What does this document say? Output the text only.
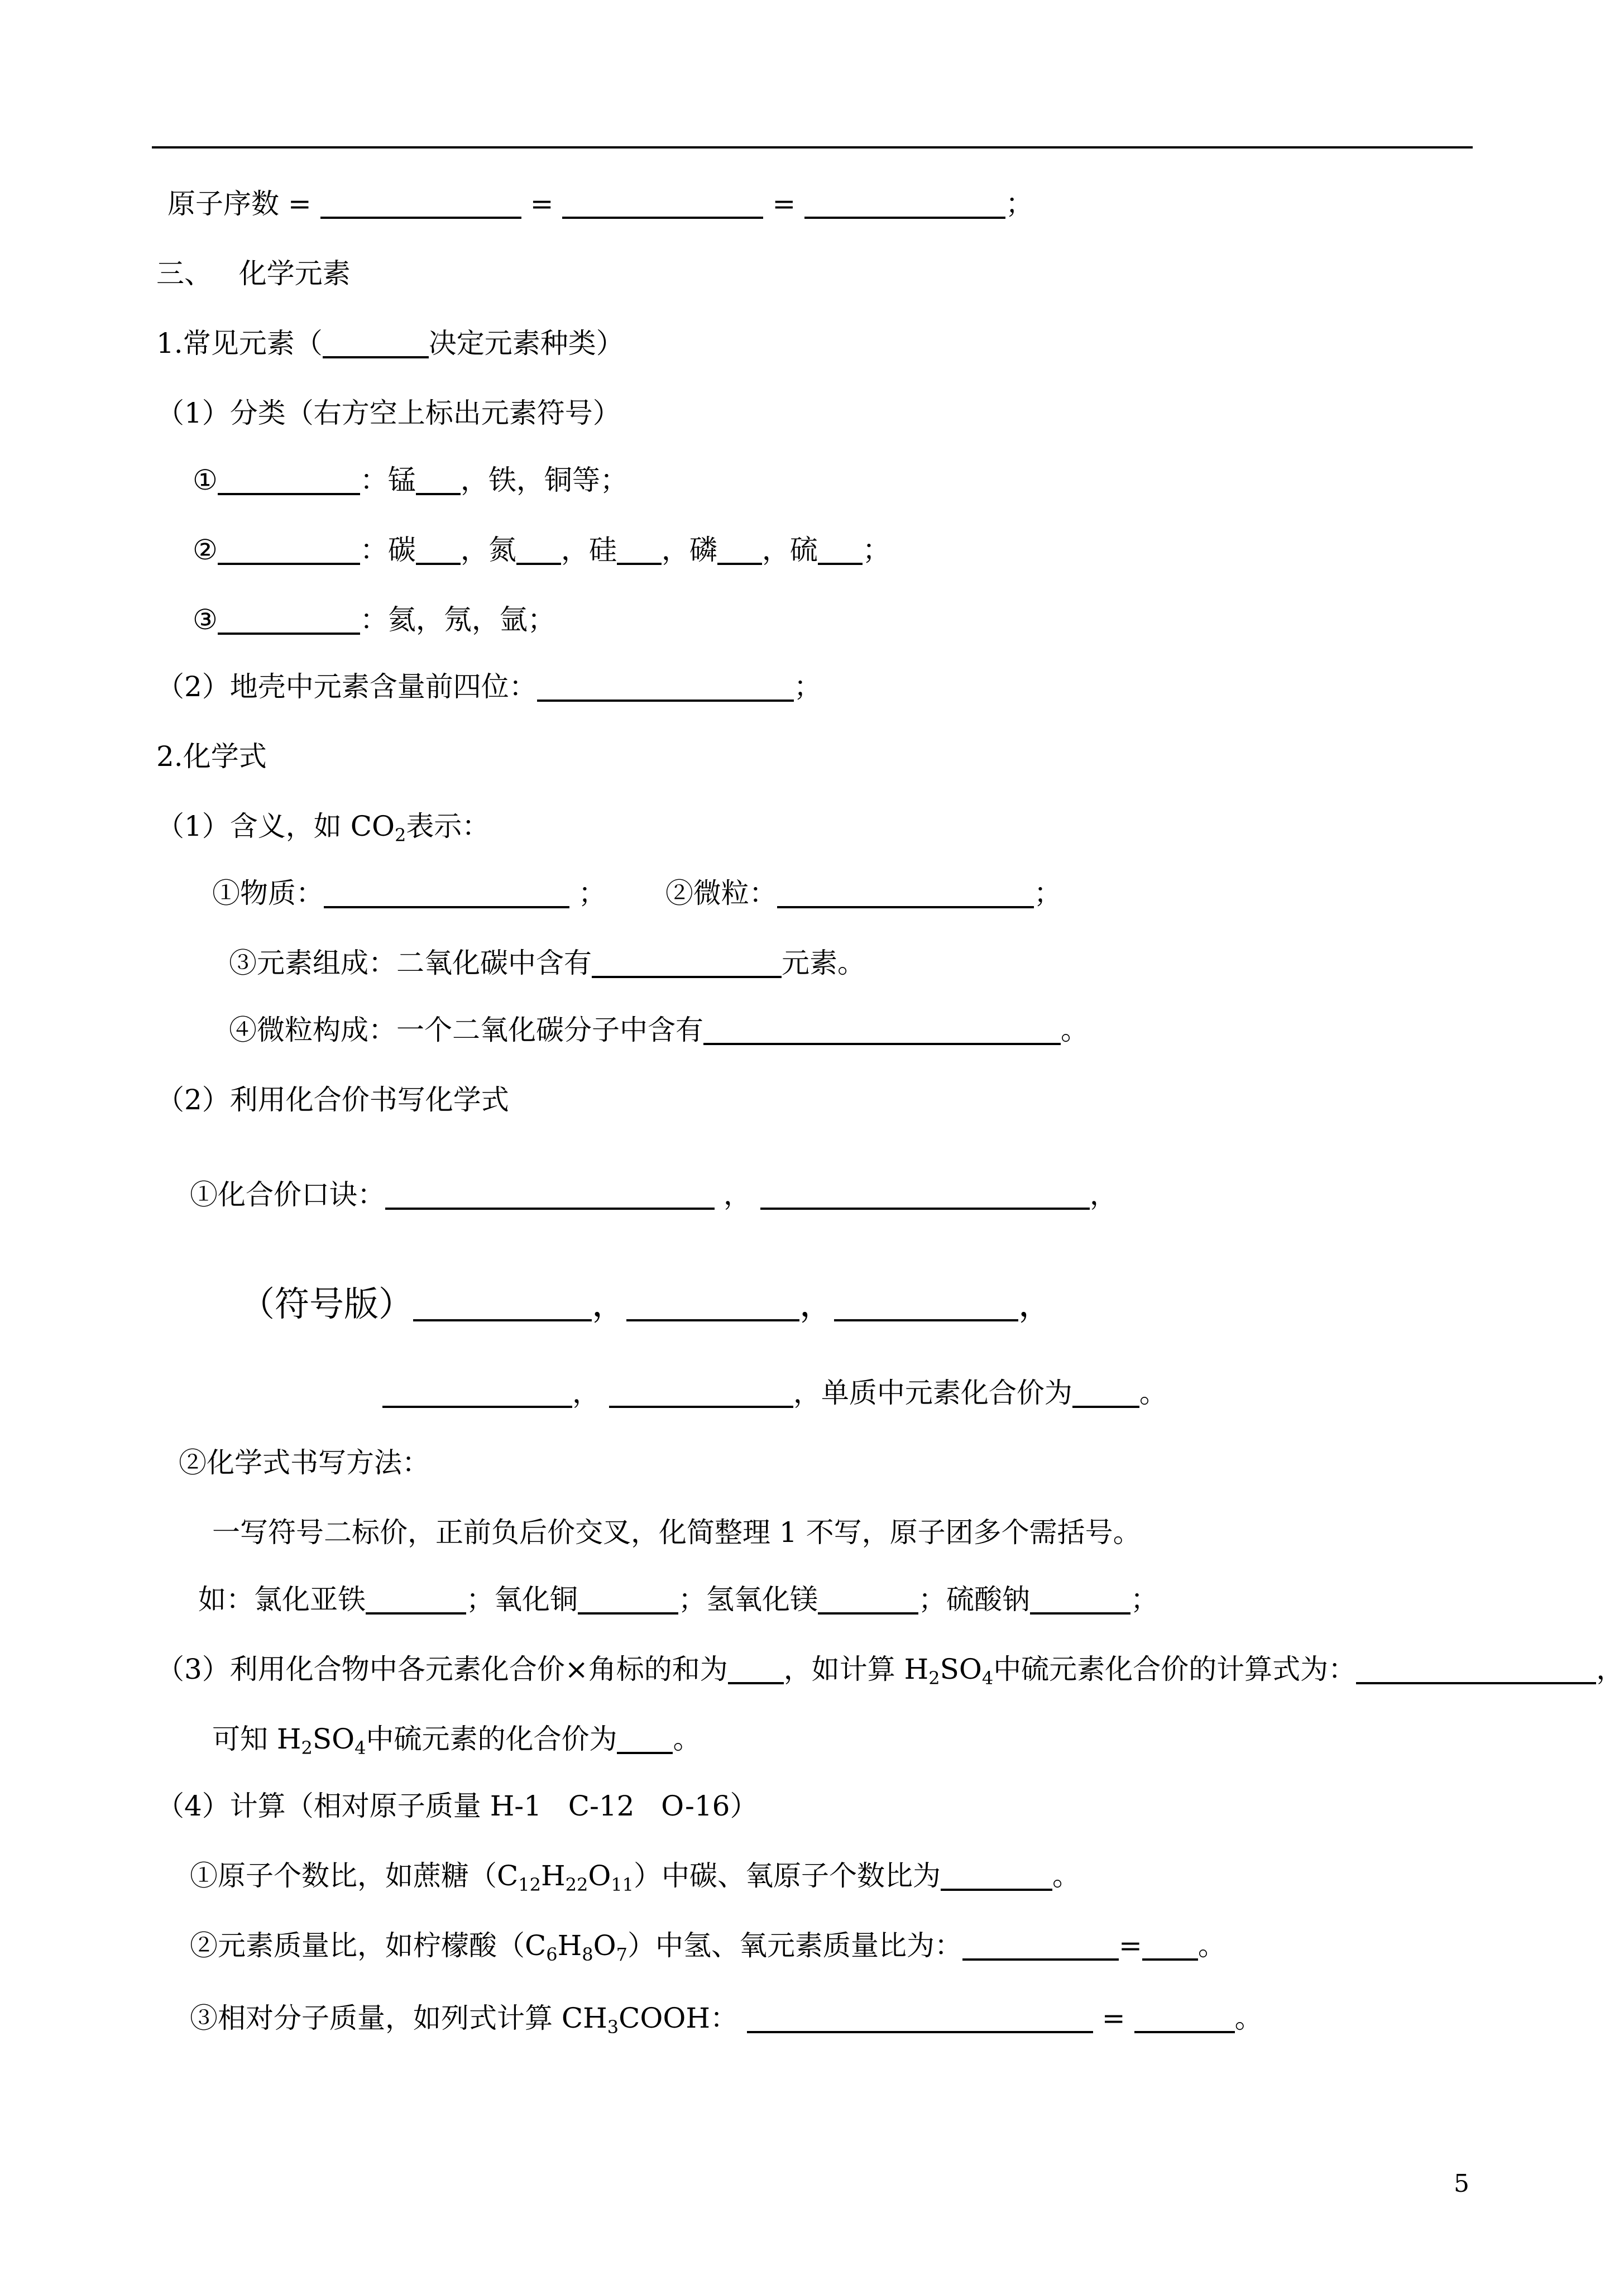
原子序数 =	=	=	；
三、 化学元素
1.常见元素（	决定元素种类）
（1）分类（右方空上标出元素符号）
①	：锰 ，铁，铜等；
②	：碳 ，氮 ，硅 ，磷 ，硫 ；
③	：氦，氖，氩；
（2）地壳中元素含量前四位：	；
2.化学式
（1）含义，如 $CO_2$表示：
①物质：	； ②微粒：	；
③元素组成：二氧化碳中含有	元素。
④微粒构成：一个二氧化碳分子中含有	。
（2）利用化合价书写化学式
①化合价口诀：	，	，
（符号版）	，	，	，
，	，单质中元素化合价为 。
②化学式书写方法：
一写符号二标价，正前负后价交叉，化简整理 1 不写，原子团多个需括号。
如：氯化亚铁	；氧化铜	；氢氧化镁	；硫酸钠	；
（3）利用化合物中各元素化合价×角标的和为 ，如计算 $H_2SO_4$中硫元素化合价的计算式为：	，
可知 $H_2SO_4$中硫元素的化合价为 。
（4）计算（相对原子质量 H-1   C-12   O-16）
①原子个数比，如蔗糖$(C_{12}H_{22}O_{11})$中碳、氧原子个数比为	。
②元素质量比，如柠檬酸$(C_6H_8O_7)$中氢、氧元素质量比为：	= 。
③相对分子质量，如列式计算 $CH_3COOH$：	=	。
5
